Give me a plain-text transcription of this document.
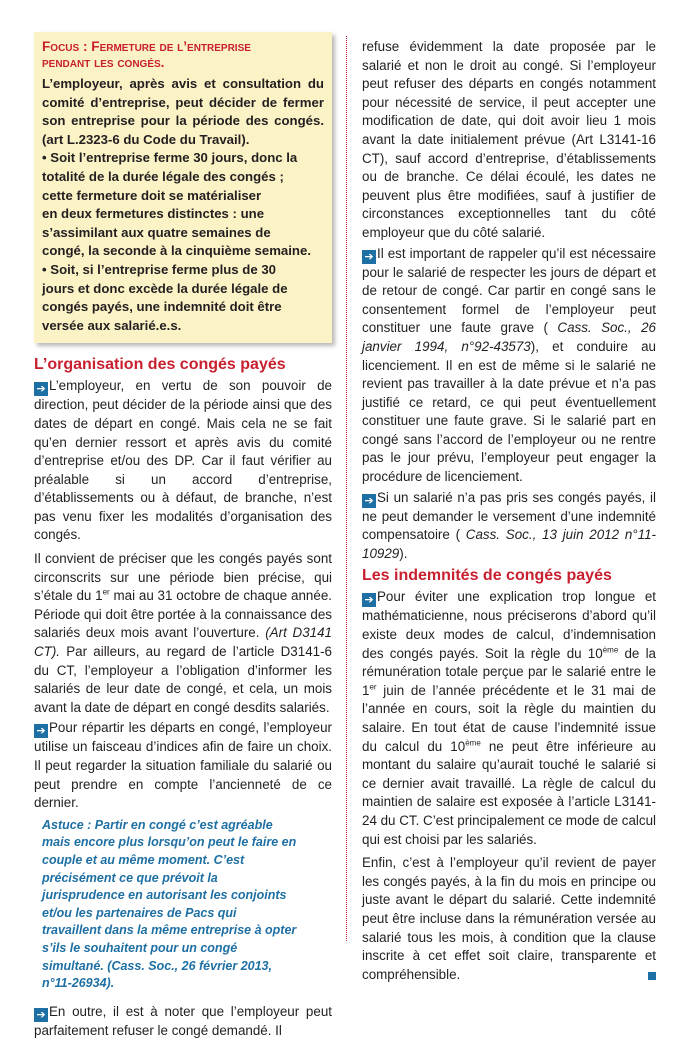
Focus : Fermeture de l’entreprise
pendant les congés.

L’employeur, après avis et consultation du comité d’entreprise, peut décider de fermer son entreprise pour la période des congés. (art L.2323-6 du Code du Travail).

• Soit l’entreprise ferme 30 jours, donc la
totalité de la durée légale des congés ;
cette fermeture doit se matérialiser
en deux fermetures distinctes : une
s’assimilant aux quatre semaines de
congé, la seconde à la cinquième semaine.

• Soit, si l’entreprise ferme plus de 30
jours et donc excède la durée légale de
congés payés, une indemnité doit être
versée aux salarié.e.s.

L’organisation des congés payés

➔ L’employeur, en vertu de son pouvoir de direction, peut décider de la période ainsi que des dates de départ en congé. Mais cela ne se fait qu’en dernier ressort et après avis du comité d’entreprise et/ou des DP. Car il faut vérifier au préalable si un accord d’entreprise, d’établissements ou à défaut, de branche, n’est pas venu fixer les modalités d’organisation des congés.

Il convient de préciser que les congés payés sont circonscrits sur une période bien précise, qui s’étale du 1er mai au 31 octobre de chaque année. Période qui doit être portée à la connaissance des salariés deux mois avant l’ouverture. (Art D3141 CT). Par ailleurs, au regard de l’article D3141-6 du CT, l’employeur a l’obligation d’informer les salariés de leur date de congé, et cela, un mois avant la date de départ en congé desdits salariés.

➔ Pour répartir les départs en congé, l’employeur utilise un faisceau d’indices afin de faire un choix. Il peut regarder la situation familiale du salarié ou peut prendre en compte l’ancienneté de ce dernier.

Astuce : Partir en congé c’est agréable mais encore plus lorsqu’on peut le faire en couple et au même moment. C’est précisément ce que prévoit la jurisprudence en autorisant les conjoints et/ou les partenaires de Pacs qui travaillent dans la même entreprise à opter s’ils le souhaitent pour un congé simultané. (Cass. Soc., 26 février 2013, n°11-26934).

➔ En outre, il est à noter que l’employeur peut parfaitement refuser le congé demandé. Il

refuse évidemment la date proposée par le salarié et non le droit au congé. Si l’employeur peut refuser des départs en congés notamment pour nécessité de service, il peut accepter une modification de date, qui doit avoir lieu 1 mois avant la date initialement prévue (Art L3141-16 CT), sauf accord d’entreprise, d’établissements ou de branche. Ce délai écoulé, les dates ne peuvent plus être modifiées, sauf à justifier de circonstances exceptionnelles tant du côté employeur que du côté salarié.

➔ Il est important de rappeler qu’il est nécessaire pour le salarié de respecter les jours de départ et de retour de congé. Car partir en congé sans le consentement formel de l’employeur peut constituer une faute grave ( Cass. Soc., 26 janvier 1994, n°92-43573), et conduire au licenciement. Il en est de même si le salarié ne revient pas travailler à la date prévue et n’a pas justifié ce retard, ce qui peut éventuellement constituer une faute grave. Si le salarié part en congé sans l’accord de l’employeur ou ne rentre pas le jour prévu, l’employeur peut engager la procédure de licenciement.

➔ Si un salarié n’a pas pris ses congés payés, il ne peut demander le versement d’une indemnité compensatoire ( Cass. Soc., 13 juin 2012 n°11-10929).

Les indemnités de congés payés

➔ Pour éviter une explication trop longue et mathématicienne, nous préciserons d’abord qu’il existe deux modes de calcul, d’indemnisation des congés payés. Soit la règle du 10ème de la rémunération totale perçue par le salarié entre le 1er juin de l’année précédente et le 31 mai de l’année en cours, soit la règle du maintien du salaire. En tout état de cause l’indemnité issue du calcul du 10ème ne peut être inférieure au montant du salaire qu’aurait touché le salarié si ce dernier avait travaillé. La règle de calcul du maintien de salaire est exposée à l’article L3141-24 du CT. C’est principalement ce mode de calcul qui est choisi par les salariés.

Enfin, c’est à l’employeur qu’il revient de payer les congés payés, à la fin du mois en principe ou juste avant le départ du salarié. Cette indemnité peut être incluse dans la rémunération versée au salarié tous les mois, à condition que la clause inscrite à cet effet soit claire, transparente et compréhensible.
